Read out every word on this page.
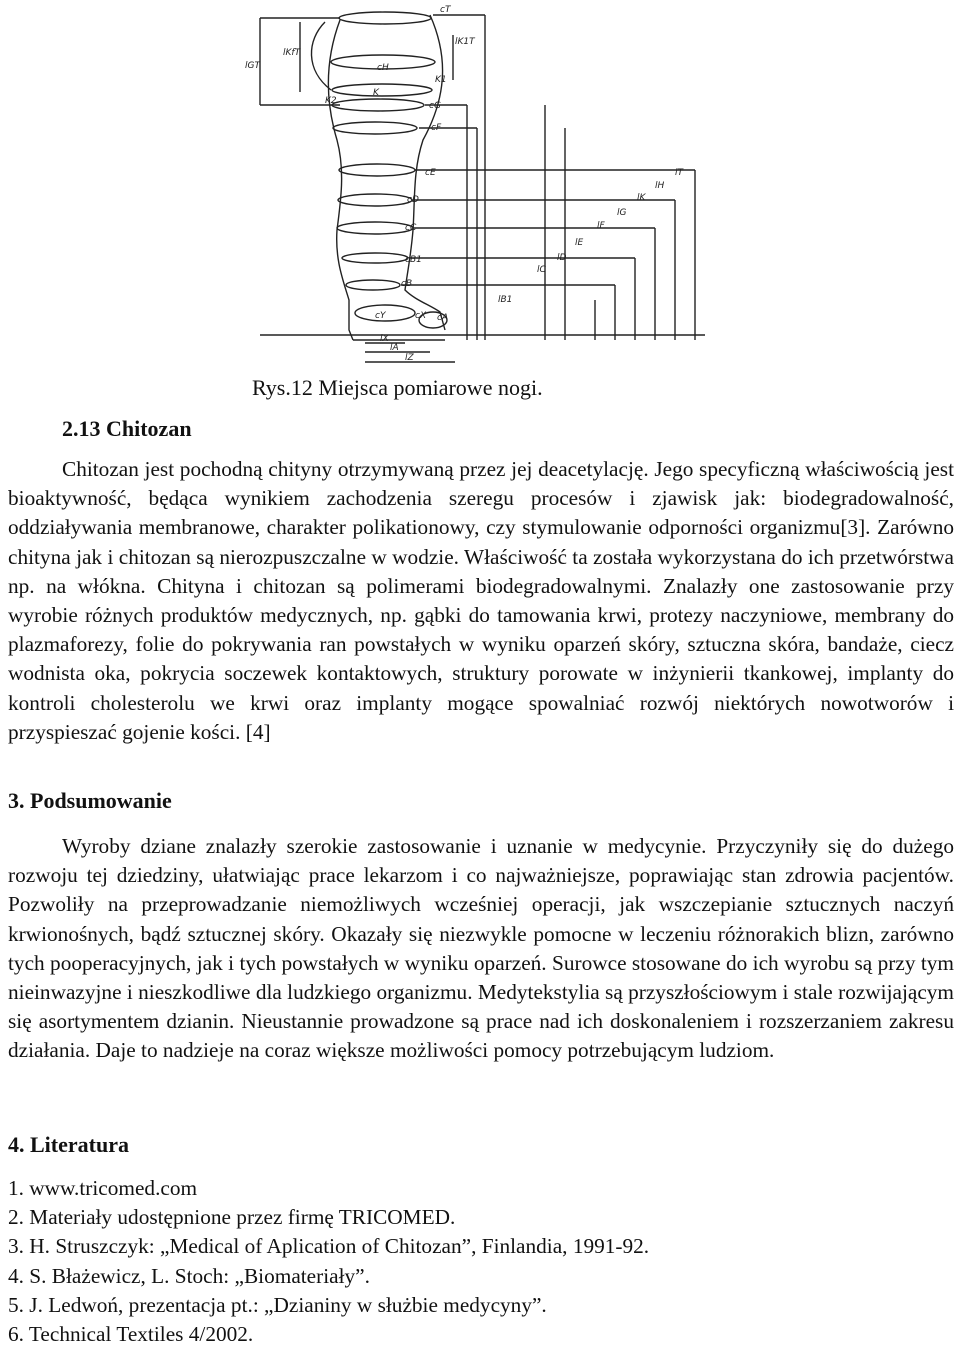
cT
lK1T
lGT
lKfT
cH
K
K2
K1
cG
cF
cE
cD
cC
cB1
cB
cY	cX cA
lX
lA
lZ
lB1
lC
lD
lE
lF
lG
lK
lH
lT
Rys.12 Miejsca pomiarowe nogi.
2.13 Chitozan

Chitozan jest pochodną chityny otrzymywaną przez jej deacetylację. Jego specyficzną właściwością jest bioaktywność, będąca wynikiem zachodzenia szeregu procesów i zjawisk jak: biodegradowalność, oddziaływania membranowe, charakter polikationowy, czy stymulowanie odporności organizmu[3]. Zarówno chityna jak i chitozan są nierozpuszczalne w wodzie. Właściwość ta została wykorzystana do ich przetwórstwa np. na włókna. Chityna i chitozan są polimerami biodegradowalnymi. Znalazły one zastosowanie przy wyrobie różnych produktów medycznych, np. gąbki do tamowania krwi, protezy naczyniowe, membrany do plazmaforezy, folie do pokrywania ran powstałych w wyniku oparzeń skóry, sztuczna skóra, bandaże, ciecz wodnista oka, pokrycia soczewek kontaktowych, struktury porowate w inżynierii tkankowej, implanty do kontroli cholesterolu we krwi oraz implanty mogące spowalniać rozwój niektórych nowotworów i przyspieszać gojenie kości. [4]

3. Podsumowanie

Wyroby dziane znalazły szerokie zastosowanie i uznanie w medycynie. Przyczyniły się do dużego rozwoju tej dziedziny, ułatwiając prace lekarzom i co najważniejsze, poprawiając stan zdrowia pacjentów. Pozwoliły na przeprowadzanie niemożliwych wcześniej operacji, jak wszczepianie sztucznych naczyń krwionośnych, bądź sztucznej skóry. Okazały się niezwykle pomocne w leczeniu różnorakich blizn, zarówno tych pooperacyjnych, jak i tych powstałych w wyniku oparzeń. Surowce stosowane do ich wyrobu są przy tym nieinwazyjne i nieszkodliwe dla ludzkiego organizmu. Medytekstylia są przyszłościowym i stale rozwijającym się asortymentem dzianin. Nieustannie prowadzone są prace nad ich doskonaleniem i rozszerzaniem zakresu działania. Daje to nadzieje na coraz większe możliwości pomocy potrzebującym ludziom.

4. Literatura
1. www.tricomed.com
2. Materiały udostępnione przez firmę TRICOMED.
3. H. Struszczyk: „Medical of Aplication of Chitozan”, Finlandia, 1991-92.
4. S. Błażewicz, L. Stoch: „Biomateriały”.
5. J. Ledwoń, prezentacja pt.: „Dzianiny w służbie medycyny”.
6. Technical Textiles 4/2002.
